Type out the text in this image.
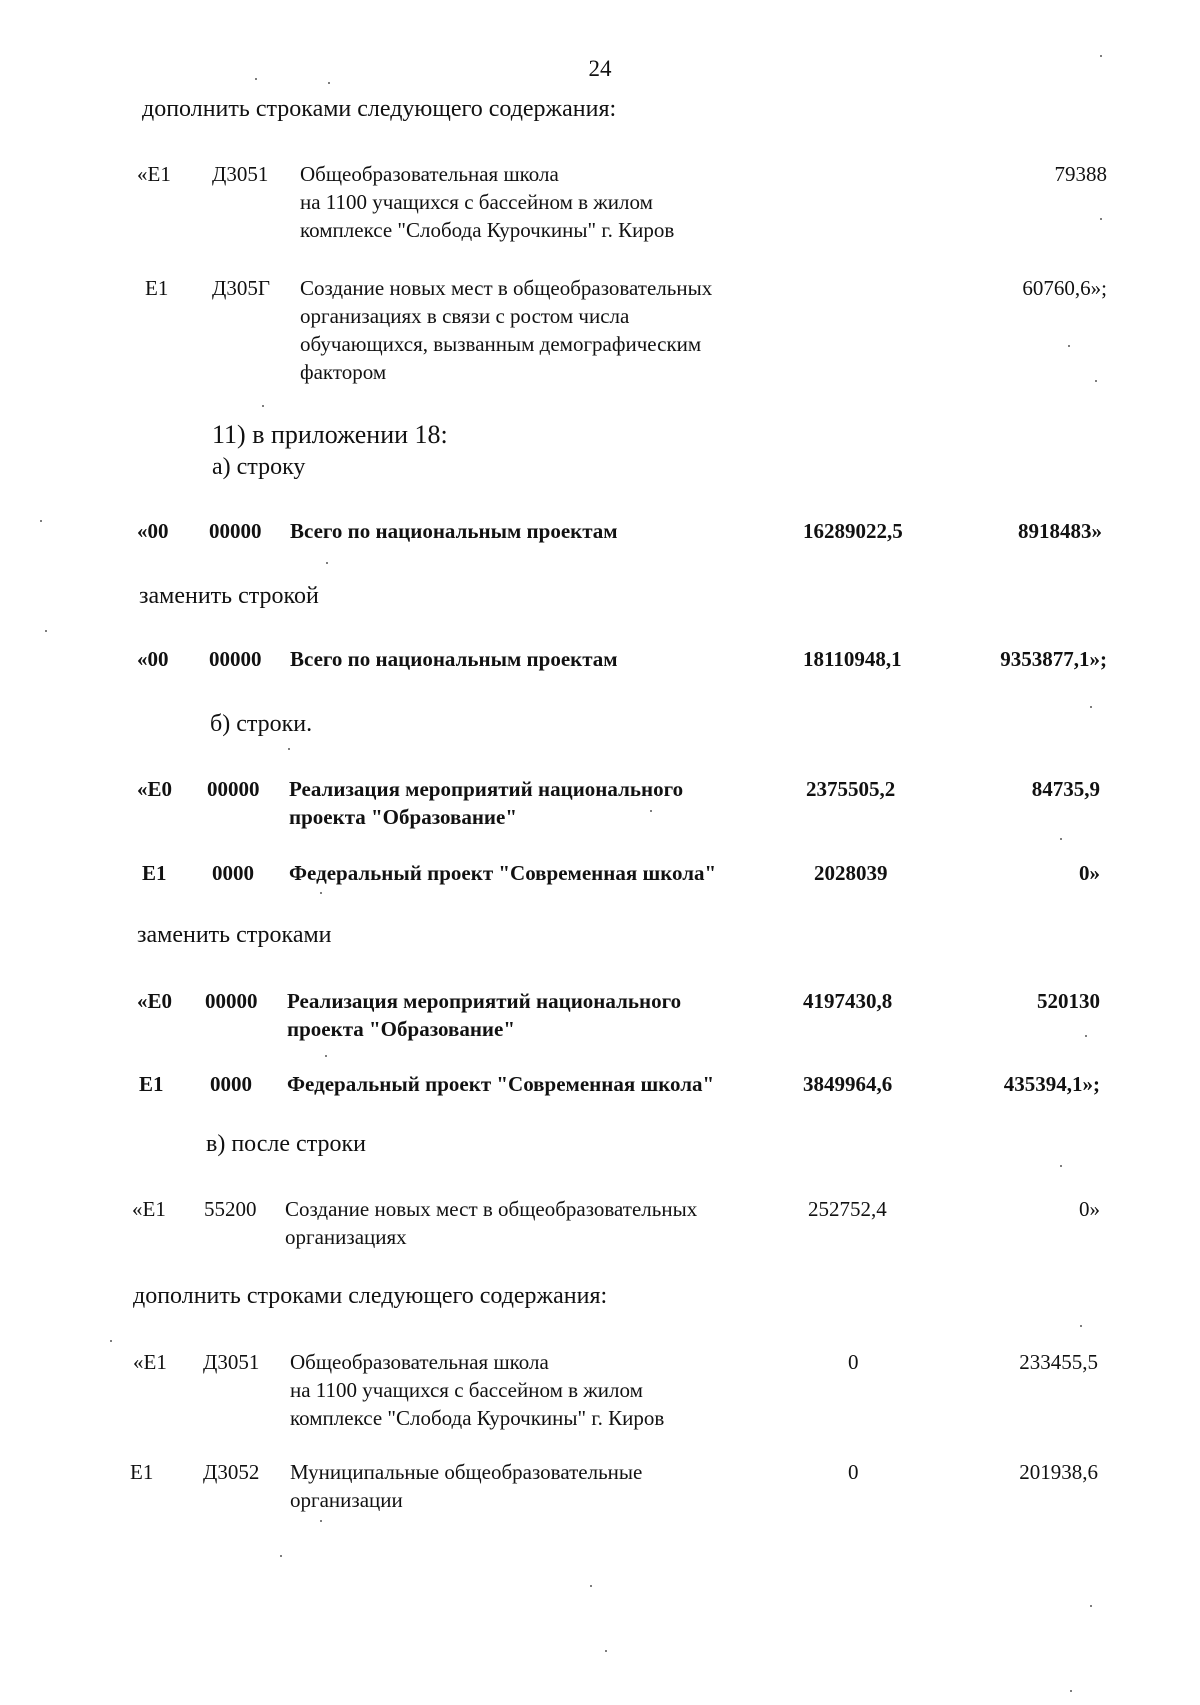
24
дополнить строками следующего содержания:
«Е1 Д3051 Общеобразовательная школа
на 1100 учащихся с бассейном в жилом
комплексе "Слобода Курочкины" г. Киров
79388
Е1 Д305Г Создание новых мест в общеобразовательных
организациях в связи с ростом числа
обучающихся, вызванным демографическим
фактором
60760,6»;
11) в приложении 18:
а) строку
«00 00000 Всего по национальным проектам	16289022,5	8918483»
заменить строкой
«00 00000 Всего по национальным проектам	18110948,1	9353877,1»;
б) строки.
«Е0 00000 Реализация мероприятий национального
проекта "Образование"
2375505,2	84735,9
Е1 0000 Федеральный проект "Современная школа"	2028039	0»
заменить строками
«Е0 00000 Реализация мероприятий национального
проекта "Образование"
4197430,8	520130
Е1 0000 Федеральный проект "Современная школа"	3849964,6	435394,1»;
в) после строки
«Е1 55200 Создание новых мест в общеобразовательных
организациях
252752,4	0»
дополнить строками следующего содержания:
«Е1 Д3051 Общеобразовательная школа
на 1100 учащихся с бассейном в жилом
комплексе "Слобода Курочкины" г. Киров
0	233455,5
Е1 Д3052 Муниципальные общеобразовательные
организации
0	201938,6
